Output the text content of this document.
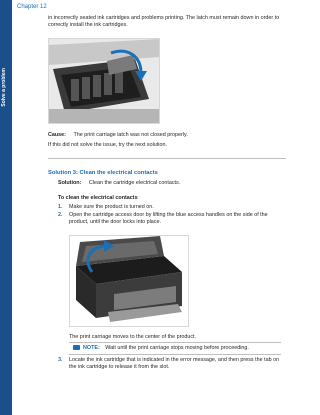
Solve a problem
Chapter 12

in incorrectly seated ink cartridges and problems printing. The latch must remain down in order to correctly install the ink cartridges.

Cause: The print carriage latch was not closed properly.

If this did not solve the issue, try the next solution.

Solution 3: Clean the electrical contacts

Solution: Clean the cartridge electrical contacts.

To clean the electrical contacts

1. Make sure the product is turned on.
2.	Open the cartridge access door by lifting the blue access handles on the side of the product, until the door locks into place.

The print carriage moves to the center of the product.

NOTE: Wait until the print carriage stops moving before proceeding.
3.	Locate the ink cartridge that is indicated in the error message, and then press the tab on the ink cartridge to release it from the slot.
